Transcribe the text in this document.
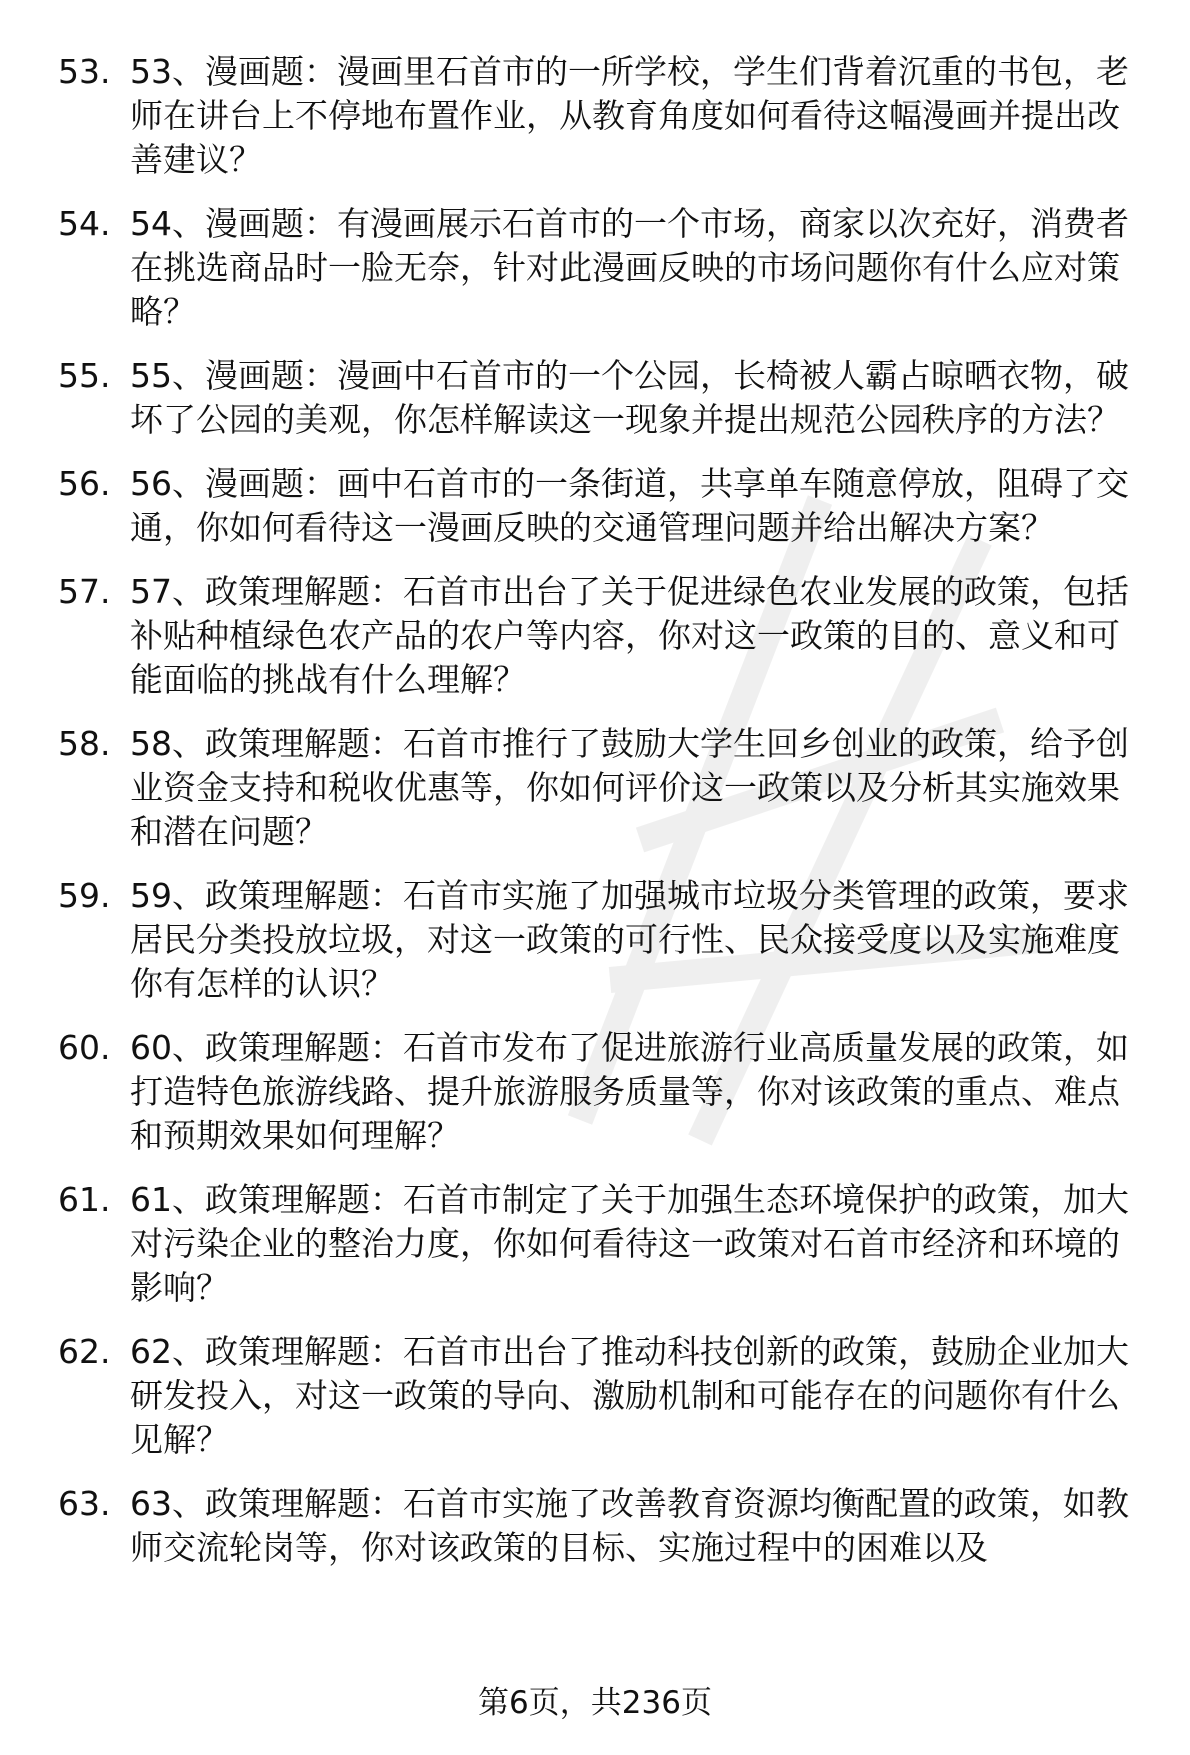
53. 53、漫画题：漫画里石首市的一所学校，学生们背着沉重的书包，老师在讲台上不停地布置作业，从教育角度如何看待这幅漫画并提出改善建议？
54. 54、漫画题：有漫画展示石首市的一个市场，商家以次充好，消费者在挑选商品时一脸无奈，针对此漫画反映的市场问题你有什么应对策略？
55. 55、漫画题：漫画中石首市的一个公园，长椅被人霸占晾晒衣物，破坏了公园的美观，你怎样解读这一现象并提出规范公园秩序的方法？
56. 56、漫画题：画中石首市的一条街道，共享单车随意停放，阻碍了交通，你如何看待这一漫画反映的交通管理问题并给出解决方案？
57. 57、政策理解题：石首市出台了关于促进绿色农业发展的政策，包括补贴种植绿色农产品的农户等内容，你对这一政策的目的、意义和可能面临的挑战有什么理解？
58. 58、政策理解题：石首市推行了鼓励大学生回乡创业的政策，给予创业资金支持和税收优惠等，你如何评价这一政策以及分析其实施效果和潜在问题？
59. 59、政策理解题：石首市实施了加强城市垃圾分类管理的政策，要求居民分类投放垃圾，对这一政策的可行性、民众接受度以及实施难度你有怎样的认识？
60. 60、政策理解题：石首市发布了促进旅游行业高质量发展的政策，如打造特色旅游线路、提升旅游服务质量等，你对该政策的重点、难点和预期效果如何理解？
61. 61、政策理解题：石首市制定了关于加强生态环境保护的政策，加大对污染企业的整治力度，你如何看待这一政策对石首市经济和环境的影响？
62. 62、政策理解题：石首市出台了推动科技创新的政策，鼓励企业加大研发投入，对这一政策的导向、激励机制和可能存在的问题你有什么见解？
63. 63、政策理解题：石首市实施了改善教育资源均衡配置的政策，如教师交流轮岗等，你对该政策的目标、实施过程中的困难以及
第6页，共236页
